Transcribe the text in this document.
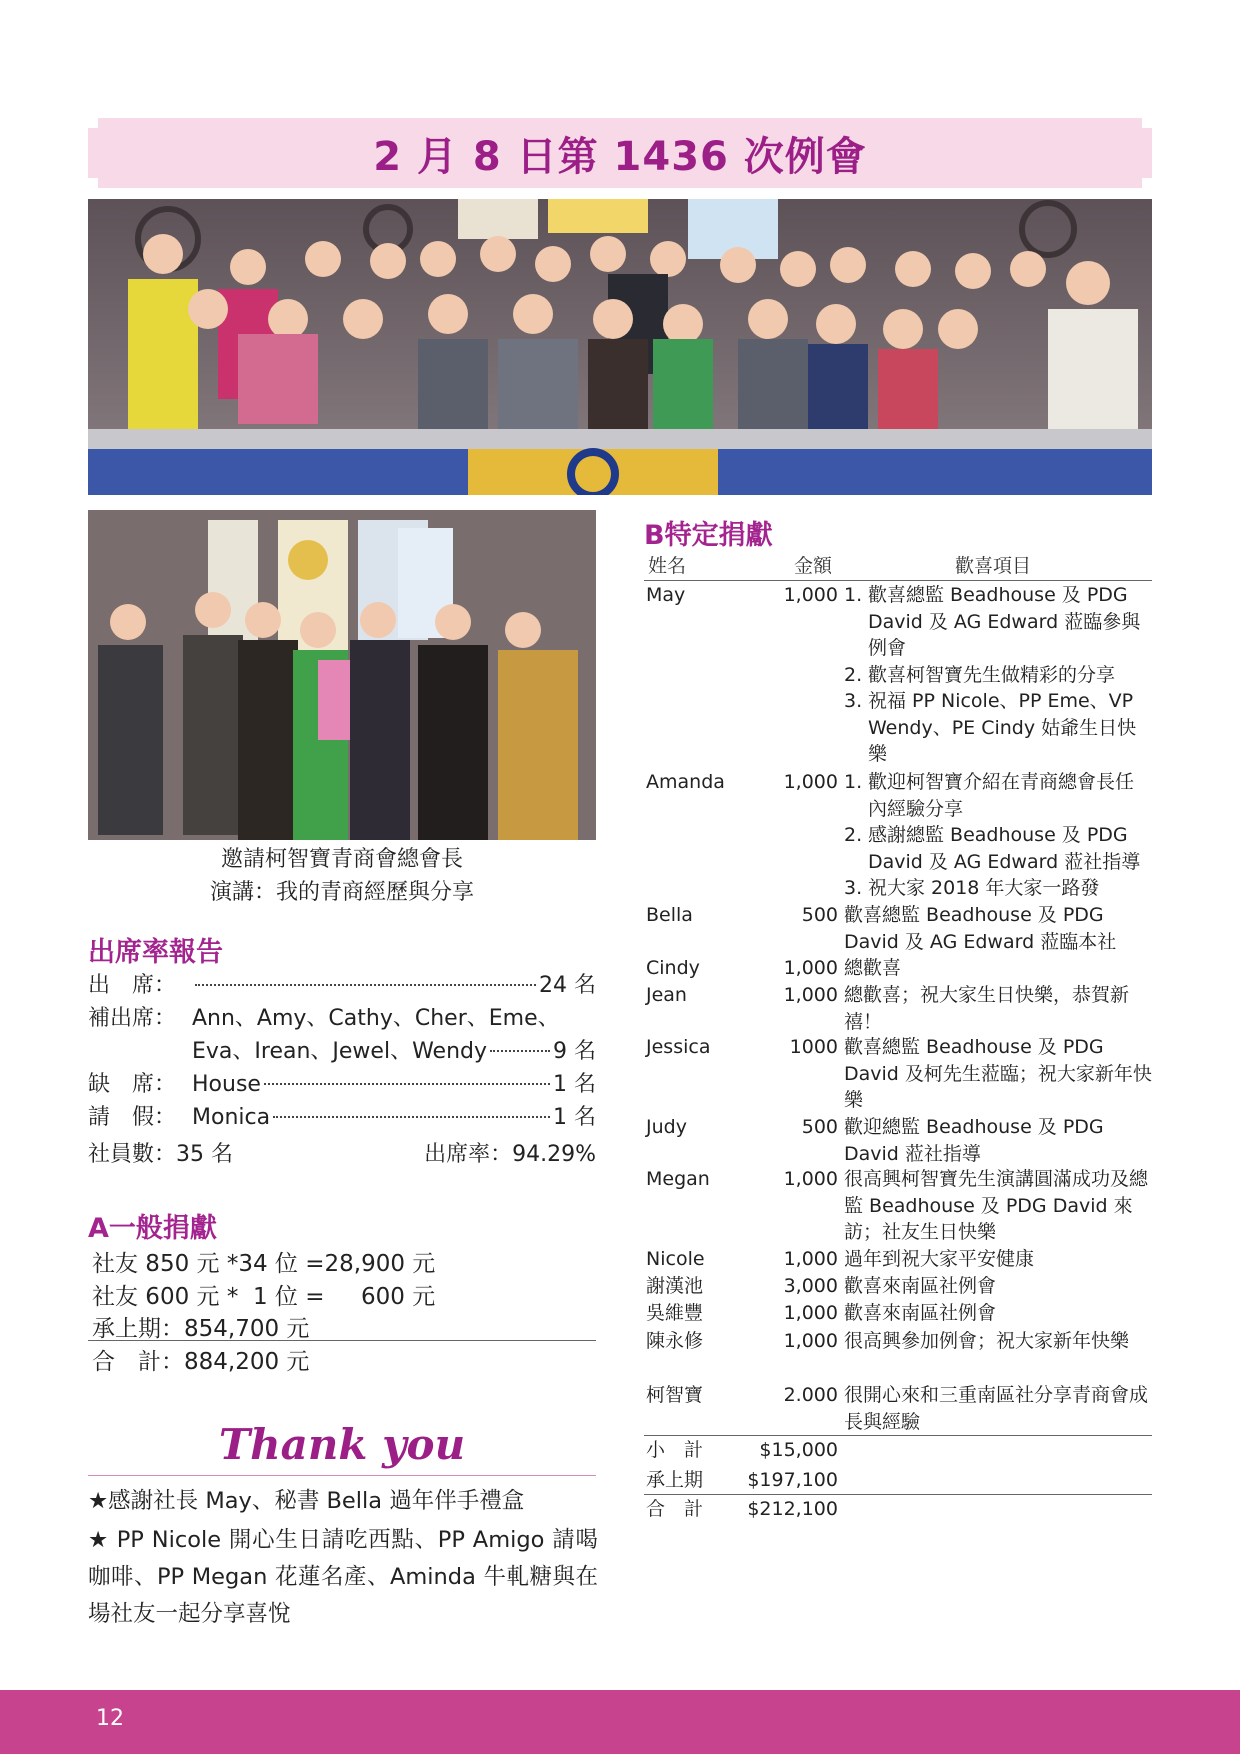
2 月 8 日第 1436 次例會
邀請柯智寶青商會總會長
演講：我的青商經歷與分享
出席率報告
出　席：	24 名
補出席： Ann、Amy、Cathy、Cher、Eme、
Eva、Irean、Jewel、Wendy	9 名
缺　席： House	1 名
請　假： Monica	1 名
社員數：35 名	出席率：94.29%
A一般捐獻
社友 850 元 *34 位 =28,900 元
社友 600 元 *  1 位 =     600 元
承上期：854,700 元
合　計：884,200 元
Thank you
★感謝社長 May、秘書 Bella 過年伴手禮盒
★ PP Nicole 開心生日請吃西點、PP Amigo 請喝咖啡、PP Megan 花蓮名產、Aminda 牛軋糖與在場社友一起分享喜悅
B特定捐獻
姓名	金額	歡喜項目
May	1,000 1. 歡喜總監 Beadhouse 及 PDG David 及 AG Edward 蒞臨參與例會
2. 歡喜柯智寶先生做精彩的分享
3. 祝福 PP Nicole、PP Eme、VP Wendy、PE Cindy 姑爺生日快樂
Amanda	1,000 1. 歡迎柯智寶介紹在青商總會長任內經驗分享
2. 感謝總監 Beadhouse 及 PDG David 及 AG Edward 蒞社指導
3. 祝大家 2018 年大家一路發
Bella	500 歡喜總監 Beadhouse 及 PDG David 及 AG Edward 蒞臨本社
Cindy	1,000 總歡喜
Jean	1,000 總歡喜；祝大家生日快樂，恭賀新禧！
Jessica	1000 歡喜總監 Beadhouse 及 PDG David 及柯先生蒞臨；祝大家新年快樂
Judy	500 歡迎總監 Beadhouse 及 PDG David 蒞社指導
Megan	1,000 很高興柯智寶先生演講圓滿成功及總監 Beadhouse 及 PDG David 來訪；社友生日快樂
Nicole	1,000 過年到祝大家平安健康
謝漢池	3,000 歡喜來南區社例會
吳維豐	1,000 歡喜來南區社例會
陳永修	1,000 很高興參加例會；祝大家新年快樂
柯智寶	2.000 很開心來和三重南區社分享青商會成長與經驗
小　計	$15,000
承上期	$197,100
合　計	$212,100
12
